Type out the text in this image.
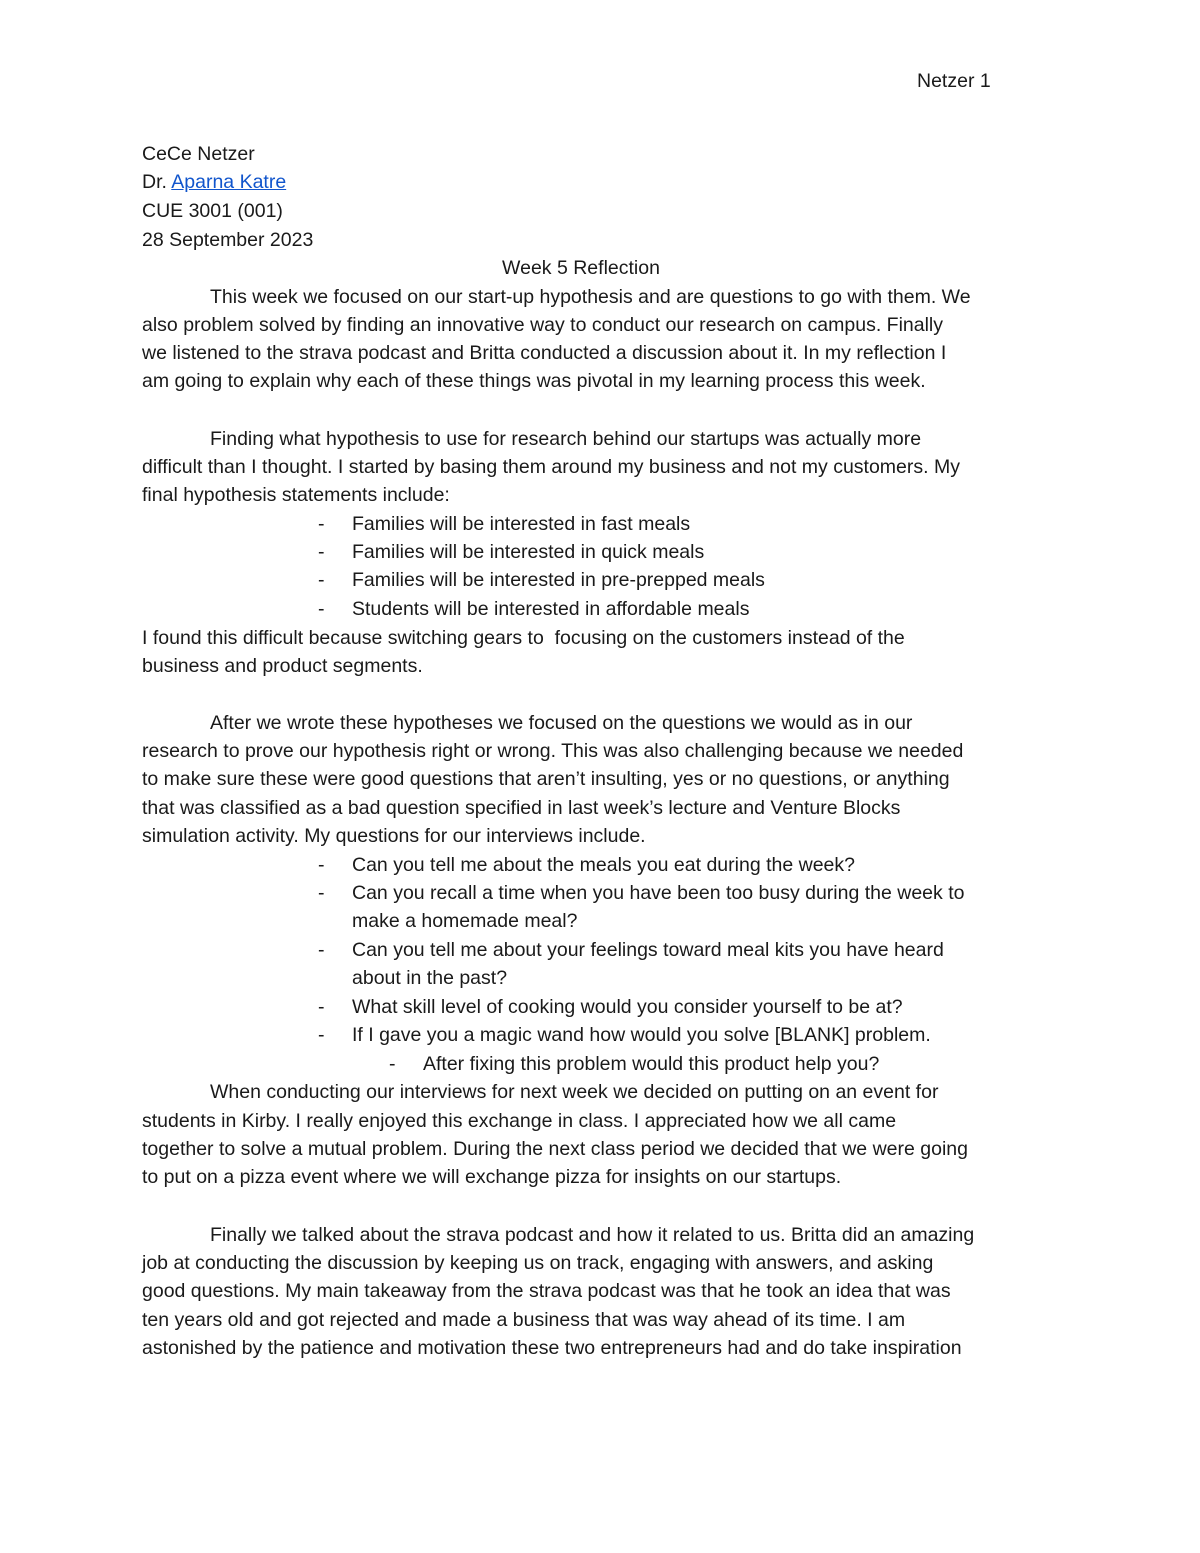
Netzer 1
CeCe Netzer
Dr. Aparna Katre
CUE 3001 (001)
28 September 2023
Week 5 Reflection
This week we focused on our start-up hypothesis and are questions to go with them. We
also problem solved by finding an innovative way to conduct our research on campus. Finally
we listened to the strava podcast and Britta conducted a discussion about it. In my reflection I
am going to explain why each of these things was pivotal in my learning process this week.
Finding what hypothesis to use for research behind our startups was actually more
difficult than I thought. I started by basing them around my business and not my customers. My
final hypothesis statements include:
- Families will be interested in fast meals
- Families will be interested in quick meals
- Families will be interested in pre-prepped meals
- Students will be interested in affordable meals
I found this difficult because switching gears to  focusing on the customers instead of the
business and product segments.
After we wrote these hypotheses we focused on the questions we would as in our
research to prove our hypothesis right or wrong. This was also challenging because we needed
to make sure these were good questions that aren’t insulting, yes or no questions, or anything
that was classified as a bad question specified in last week’s lecture and Venture Blocks
simulation activity. My questions for our interviews include.
- Can you tell me about the meals you eat during the week?
- Can you recall a time when you have been too busy during the week to
make a homemade meal?
- Can you tell me about your feelings toward meal kits you have heard
about in the past?
- What skill level of cooking would you consider yourself to be at?
- If I gave you a magic wand how would you solve [BLANK] problem.
- After fixing this problem would this product help you?
When conducting our interviews for next week we decided on putting on an event for
students in Kirby. I really enjoyed this exchange in class. I appreciated how we all came
together to solve a mutual problem. During the next class period we decided that we were going
to put on a pizza event where we will exchange pizza for insights on our startups.
Finally we talked about the strava podcast and how it related to us. Britta did an amazing
job at conducting the discussion by keeping us on track, engaging with answers, and asking
good questions. My main takeaway from the strava podcast was that he took an idea that was
ten years old and got rejected and made a business that was way ahead of its time. I am
astonished by the patience and motivation these two entrepreneurs had and do take inspiration
